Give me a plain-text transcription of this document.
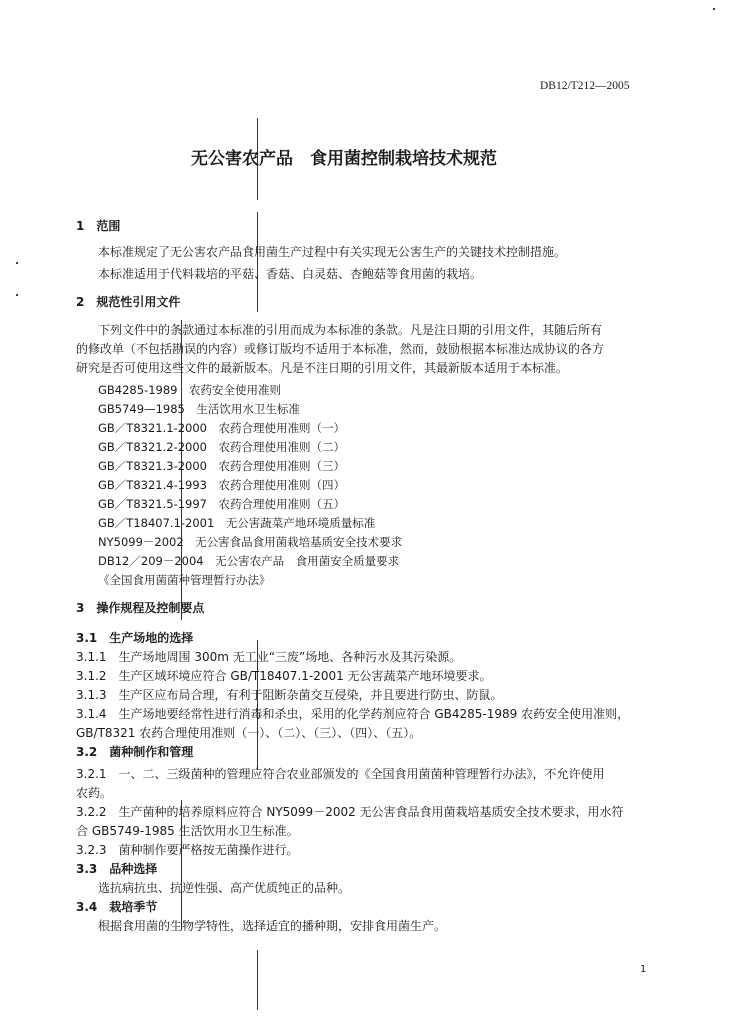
DB12/T212—2005
无公害农产品　食用菌控制栽培技术规范
1　范围
本标准规定了无公害农产品食用菌生产过程中有关实现无公害生产的关键技术控制措施。
本标准适用于代料栽培的平菇、香菇、白灵菇、杏鲍菇等食用菌的栽培。
2　规范性引用文件
下列文件中的条款通过本标准的引用而成为本标准的条款。凡是注日期的引用文件，其随后所有
的修改单（不包括勘误的内容）或修订版均不适用于本标准，然而，鼓励根据本标准达成协议的各方
研究是否可使用这些文件的最新版本。凡是不注日期的引用文件，其最新版本适用于本标准。
GB4285-1989　农药安全使用准则
GB5749—1985　生活饮用水卫生标准
GB／T8321.1-2000　农药合理使用准则（一）
GB／T8321.2-2000　农药合理使用准则（二）
GB／T8321.3-2000　农药合理使用准则（三）
GB／T8321.4-1993　农药合理使用准则（四）
GB／T8321.5-1997　农药合理使用准则（五）
GB／T18407.1-2001　无公害蔬菜产地环境质量标准
NY5099－2002　无公害食品食用菌栽培基质安全技术要求
DB12／209－2004　无公害农产品　食用菌安全质量要求
《全国食用菌菌种管理暂行办法》
3　操作规程及控制要点
3.1　生产场地的选择
3.1.1　生产场地周围 300m 无工业“三废”场地、各种污水及其污染源。
3.1.2　生产区域环境应符合 GB/T18407.1-2001 无公害蔬菜产地环境要求。
3.1.3　生产区应布局合理，有利于阻断杂菌交互侵染，并且要进行防虫、防鼠。
3.1.4　生产场地要经常性进行消毒和杀虫，采用的化学药剂应符合 GB4285-1989 农药安全使用准则，
GB/T8321 农药合理使用准则（一）、（二）、（三）、（四）、（五）。
3.2　菌种制作和管理
3.2.1　一、二、三级菌种的管理应符合农业部颁发的《全国食用菌菌种管理暂行办法》，不允许使用
农药。
3.2.2　生产菌种的培养原料应符合 NY5099－2002 无公害食品食用菌栽培基质安全技术要求，用水符
合 GB5749-1985 生活饮用水卫生标准。
3.2.3　菌种制作要严格按无菌操作进行。
3.3　品种选择
选抗病抗虫、抗逆性强、高产优质纯正的品种。
3.4　栽培季节
根据食用菌的生物学特性，选择适宜的播种期，安排食用菌生产。
1
